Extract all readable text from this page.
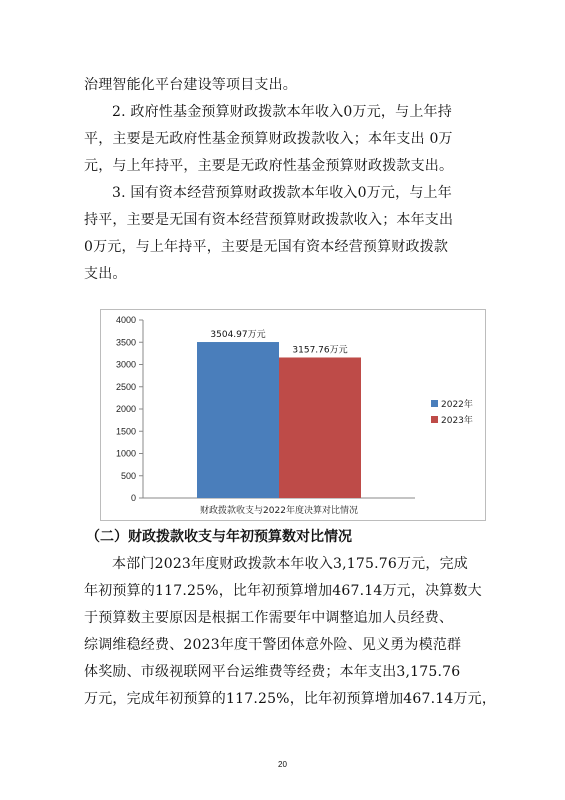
治理智能化平台建设等项目支出。
2. 政府性基金预算财政拨款本年收入0万元，与上年持
平，主要是无政府性基金预算财政拨款收入；本年支出 0万
元，与上年持平，主要是无政府性基金预算财政拨款支出。
3. 国有资本经营预算财政拨款本年收入0万元，与上年
持平，主要是无国有资本经营预算财政拨款收入；本年支出
0万元，与上年持平，主要是无国有资本经营预算财政拨款
支出。
0
500
1000
1500
2000
2500
3000
3500
4000
3504.97万元
3157.76万元
财政拨款收支与2022年度决算对比情况
2022年
2023年
（二）财政拨款收支与年初预算数对比情况
本部门2023年度财政拨款本年收入3,175.76万元，完成
年初预算的117.25%，比年初预算增加467.14万元，决算数大
于预算数主要原因是根据工作需要年中调整追加人员经费、
综调维稳经费、2023年度干警团体意外险、见义勇为模范群
体奖励、市级视联网平台运维费等经费；本年支出3,175.76
万元，完成年初预算的117.25%，比年初预算增加467.14万元，
20
